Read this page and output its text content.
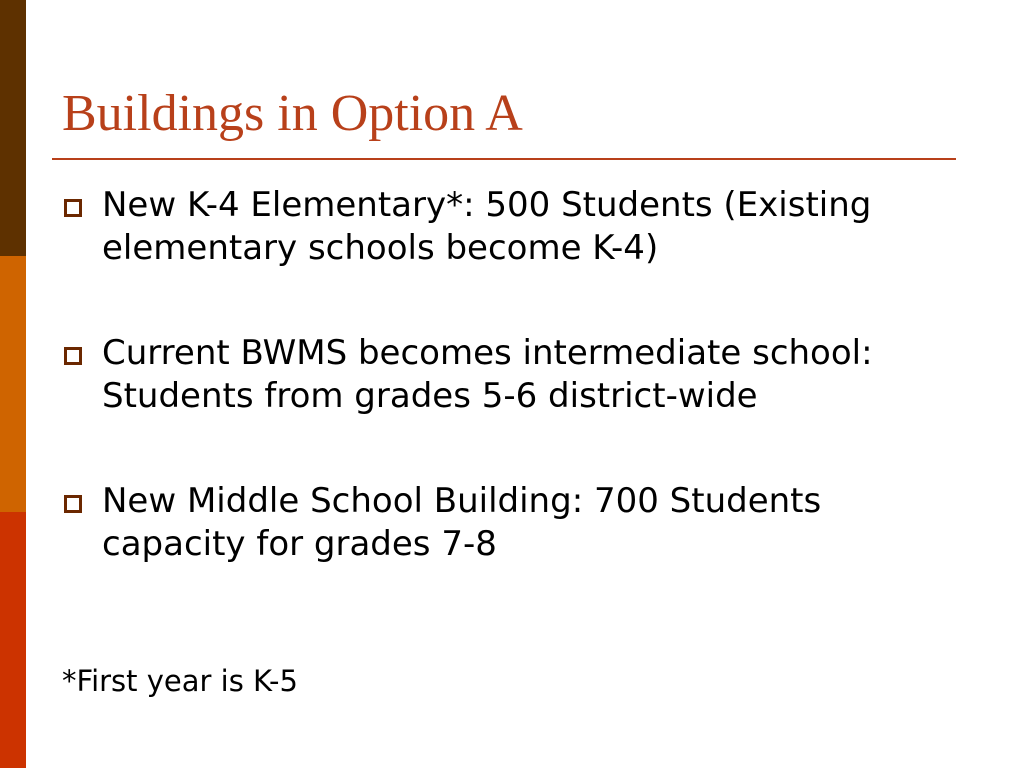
Buildings in Option A
New K-4 Elementary*: 500 Students (Existing elementary schools become K-4)
Current BWMS becomes intermediate school: Students from grades 5-6 district-wide
New Middle School Building: 700 Students capacity for grades 7-8

*First year is K-5
